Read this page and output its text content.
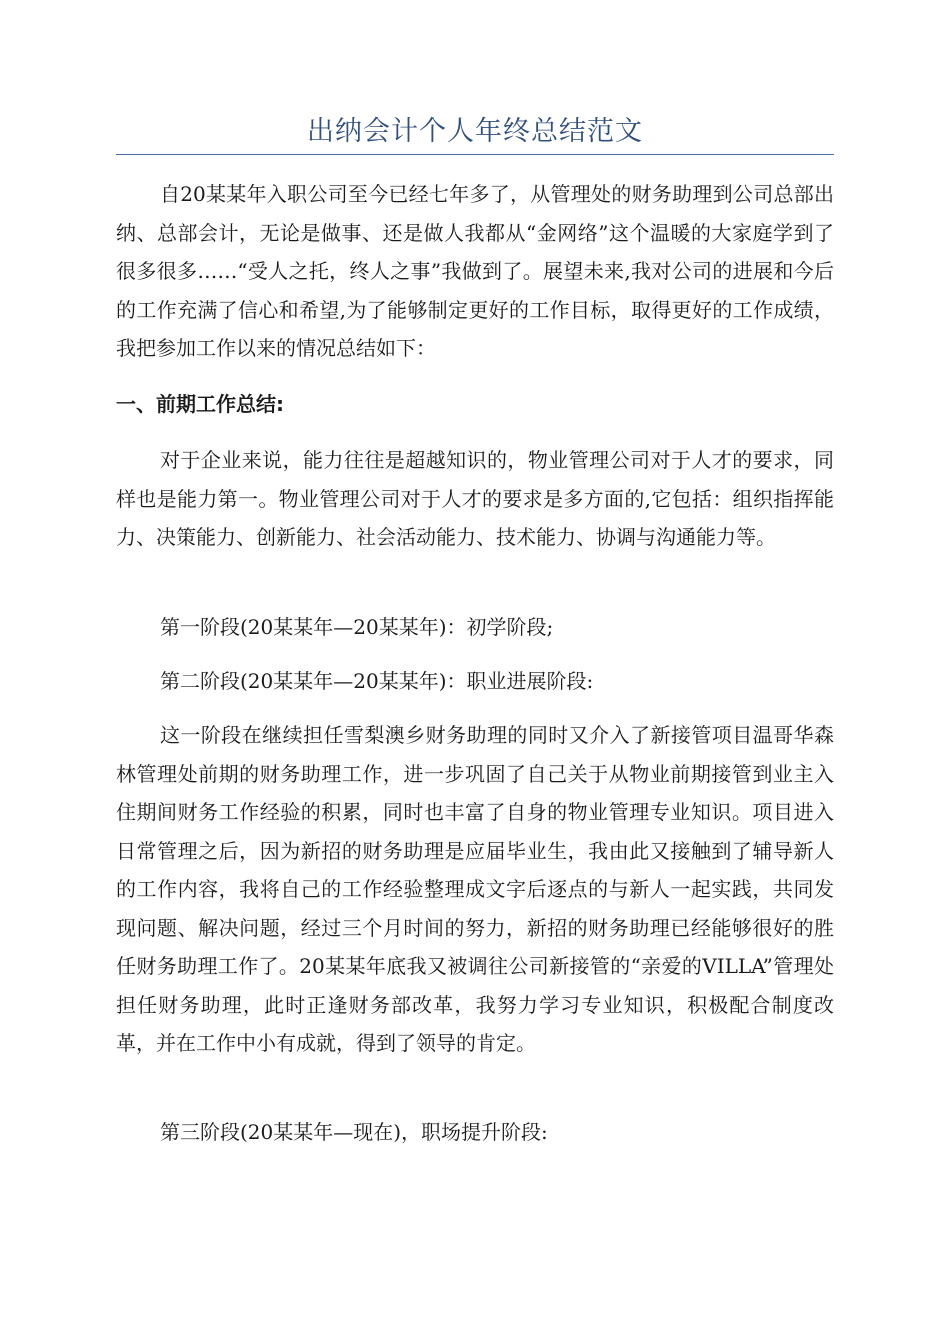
出纳会计个人年终总结范文

自20某某年入职公司至今已经七年多了，从管理处的财务助理到公司总部出纳、总部会计，无论是做事、还是做人我都从“金网络”这个温暖的大家庭学到了很多很多……“受人之托，终人之事”我做到了。展望未来,我对公司的进展和今后的工作充满了信心和希望,为了能够制定更好的工作目标，取得更好的工作成绩，我把参加工作以来的情况总结如下：

一、前期工作总结:

对于企业来说，能力往往是超越知识的，物业管理公司对于人才的要求，同样也是能力第一。物业管理公司对于人才的要求是多方面的,它包括：组织指挥能力、决策能力、创新能力、社会活动能力、技术能力、协调与沟通能力等。

第一阶段(20某某年—20某某年)：初学阶段;

第二阶段(20某某年—20某某年)：职业进展阶段:

这一阶段在继续担任雪梨澳乡财务助理的同时又介入了新接管项目温哥华森林管理处前期的财务助理工作，进一步巩固了自己关于从物业前期接管到业主入住期间财务工作经验的积累，同时也丰富了自身的物业管理专业知识。项目进入日常管理之后，因为新招的财务助理是应届毕业生，我由此又接触到了辅导新人的工作内容，我将自己的工作经验整理成文字后逐点的与新人一起实践，共同发现问题、解决问题，经过三个月时间的努力，新招的财务助理已经能够很好的胜任财务助理工作了。20某某年底我又被调往公司新接管的“亲爱的VILLA”管理处担任财务助理，此时正逢财务部改革，我努力学习专业知识，积极配合制度改革，并在工作中小有成就，得到了领导的肯定。

第三阶段(20某某年—现在)，职场提升阶段:
